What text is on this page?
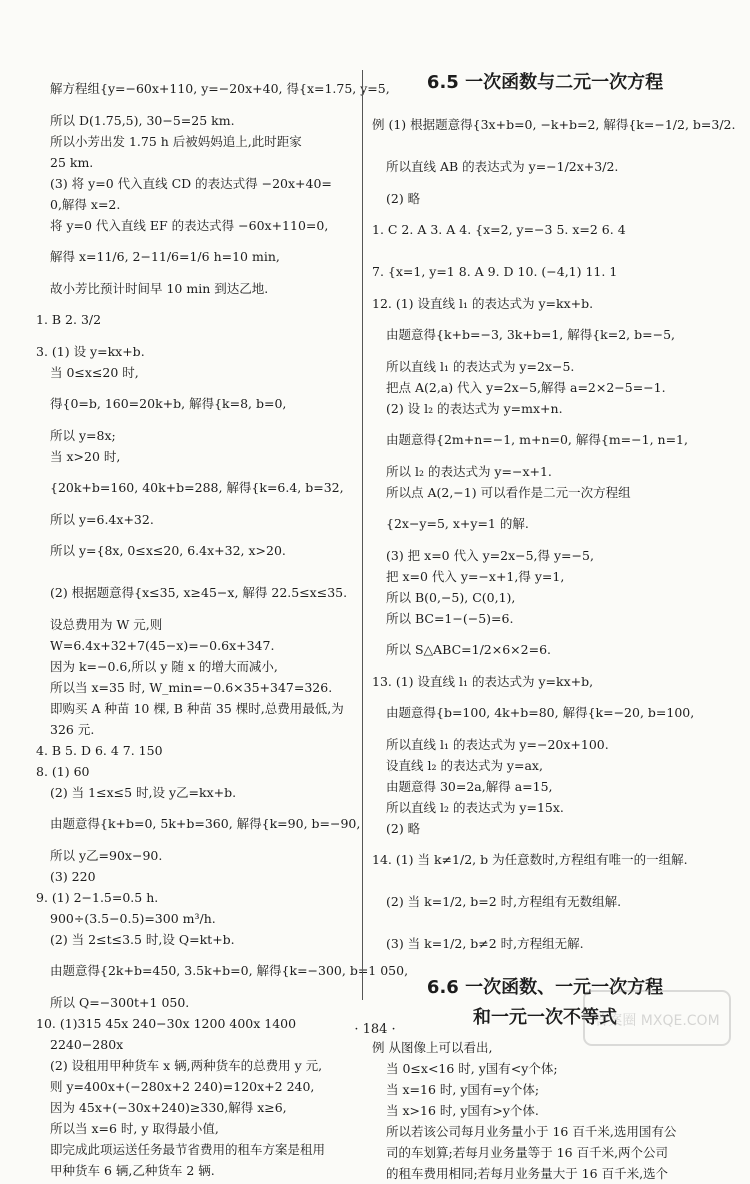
解方程组{y=−60x+110, y=−20x+40, 得{x=1.75, y=5,
所以 D(1.75,5), 30−5=25 km.
所以小芳出发 1.75 h 后被妈妈追上,此时距家
25 km.
(3) 将 y=0 代入直线 CD 的表达式得 −20x+40=
0,解得 x=2.
将 y=0 代入直线 EF 的表达式得 −60x+110=0,
解得 x=11/6, 2−11/6=1/6 h=10 min,
故小芳比预计时间早 10 min 到达乙地.
1. B 2. 3/2
3. (1) 设 y=kx+b.
当 0≤x≤20 时,
得{0=b, 160=20k+b, 解得{k=8, b=0,
所以 y=8x;
当 x>20 时,
{20k+b=160, 40k+b=288, 解得{k=6.4, b=32,
所以 y=6.4x+32.
所以 y={8x, 0≤x≤20, 6.4x+32, x>20.
(2) 根据题意得{x≤35, x≥45−x, 解得 22.5≤x≤35.
设总费用为 W 元,则
W=6.4x+32+7(45−x)=−0.6x+347.
因为 k=−0.6,所以 y 随 x 的增大而减小,
所以当 x=35 时, W_min=−0.6×35+347=326.
即购买 A 种苗 10 棵, B 种苗 35 棵时,总费用最低,为
326 元.
4. B 5. D 6. 4 7. 150
8. (1) 60
(2) 当 1≤x≤5 时,设 y乙=kx+b.
由题意得{k+b=0, 5k+b=360, 解得{k=90, b=−90,
所以 y乙=90x−90.
(3) 220
9. (1) 2−1.5=0.5 h.
900÷(3.5−0.5)=300 m³/h.
(2) 当 2≤t≤3.5 时,设 Q=kt+b.
由题意得{2k+b=450, 3.5k+b=0, 解得{k=−300, b=1 050,
所以 Q=−300t+1 050.
10. (1)315 45x 240−30x 1200 400x 1400
2240−280x
(2) 设租用甲种货车 x 辆,两种货车的总费用 y 元,
则 y=400x+(−280x+2 240)=120x+2 240,
因为 45x+(−30x+240)≥330,解得 x≥6,
所以当 x=6 时, y 取得最小值,
即完成此项运送任务最节省费用的租车方案是租用
甲种货车 6 辆,乙种货车 2 辆.
6.5 一次函数与二元一次方程
例 (1) 根据题意得{3x+b=0, −k+b=2, 解得{k=−1/2, b=3/2.
所以直线 AB 的表达式为 y=−1/2x+3/2.
(2) 略
1. C 2. A 3. A 4. {x=2, y=−3 5. x=2 6. 4
7. {x=1, y=1 8. A 9. D 10. (−4,1) 11. 1
12. (1) 设直线 l₁ 的表达式为 y=kx+b.
由题意得{k+b=−3, 3k+b=1, 解得{k=2, b=−5,
所以直线 l₁ 的表达式为 y=2x−5.
把点 A(2,a) 代入 y=2x−5,解得 a=2×2−5=−1.
(2) 设 l₂ 的表达式为 y=mx+n.
由题意得{2m+n=−1, m+n=0, 解得{m=−1, n=1,
所以 l₂ 的表达式为 y=−x+1.
所以点 A(2,−1) 可以看作是二元一次方程组
{2x−y=5, x+y=1 的解.
(3) 把 x=0 代入 y=2x−5,得 y=−5,
把 x=0 代入 y=−x+1,得 y=1,
所以 B(0,−5), C(0,1),
所以 BC=1−(−5)=6.
所以 S△ABC=1/2×6×2=6.
13. (1) 设直线 l₁ 的表达式为 y=kx+b,
由题意得{b=100, 4k+b=80, 解得{k=−20, b=100,
所以直线 l₁ 的表达式为 y=−20x+100.
设直线 l₂ 的表达式为 y=ax,
由题意得 30=2a,解得 a=15,
所以直线 l₂ 的表达式为 y=15x.
(2) 略
14. (1) 当 k≠1/2, b 为任意数时,方程组有唯一的一组解.
(2) 当 k=1/2, b=2 时,方程组有无数组解.
(3) 当 k=1/2, b≠2 时,方程组无解.
6.6 一次函数、一元一次方程
和一元一次不等式
例 从图像上可以看出,
当 0≤x<16 时, y国有<y个体;
当 x=16 时, y国有=y个体;
当 x>16 时, y国有>y个体.
所以若该公司每月业务量小于 16 百千米,选用国有公
司的车划算;若每月业务量等于 16 百千米,两个公司
的租车费用相同;若每月业务量大于 16 百千米,选个
· 184 ·
答案圈 MXQE.COM
